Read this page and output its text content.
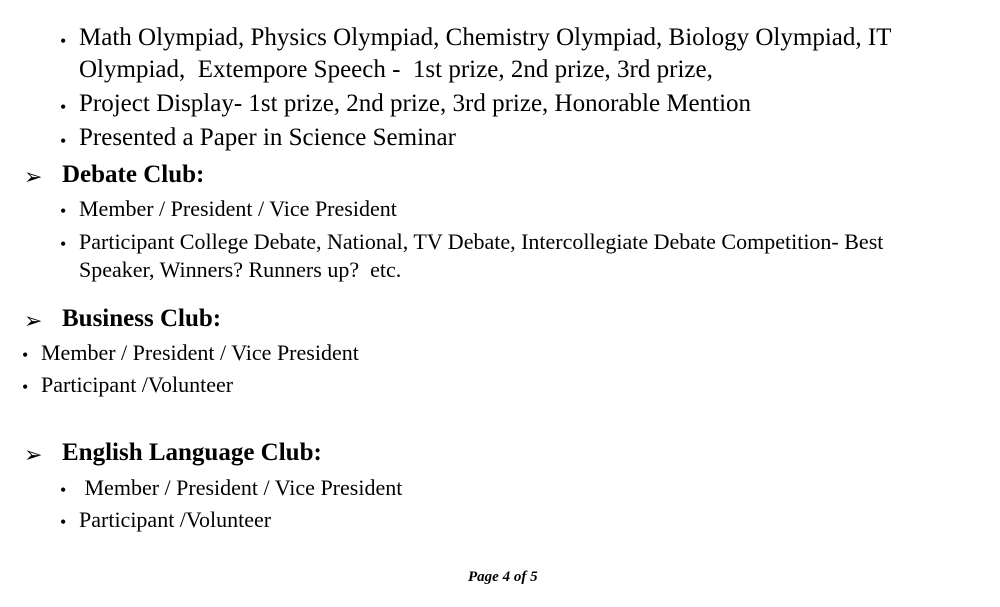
• Math Olympiad, Physics Olympiad, Chemistry Olympiad, Biology Olympiad, IT
Olympiad,  Extempore Speech -  1st prize, 2nd prize, 3rd prize,
• Project Display- 1st prize, 2nd prize, 3rd prize, Honorable Mention
• Presented a Paper in Science Seminar
➢ Debate Club:
• Member / President / Vice President
• Participant College Debate, National, TV Debate, Intercollegiate Debate Competition- Best
Speaker, Winners? Runners up?  etc.
➢ Business Club:
• Member / President / Vice President
• Participant /Volunteer
➢ English Language Club:
• Member / President / Vice President
• Participant /Volunteer
Page 4 of 5
